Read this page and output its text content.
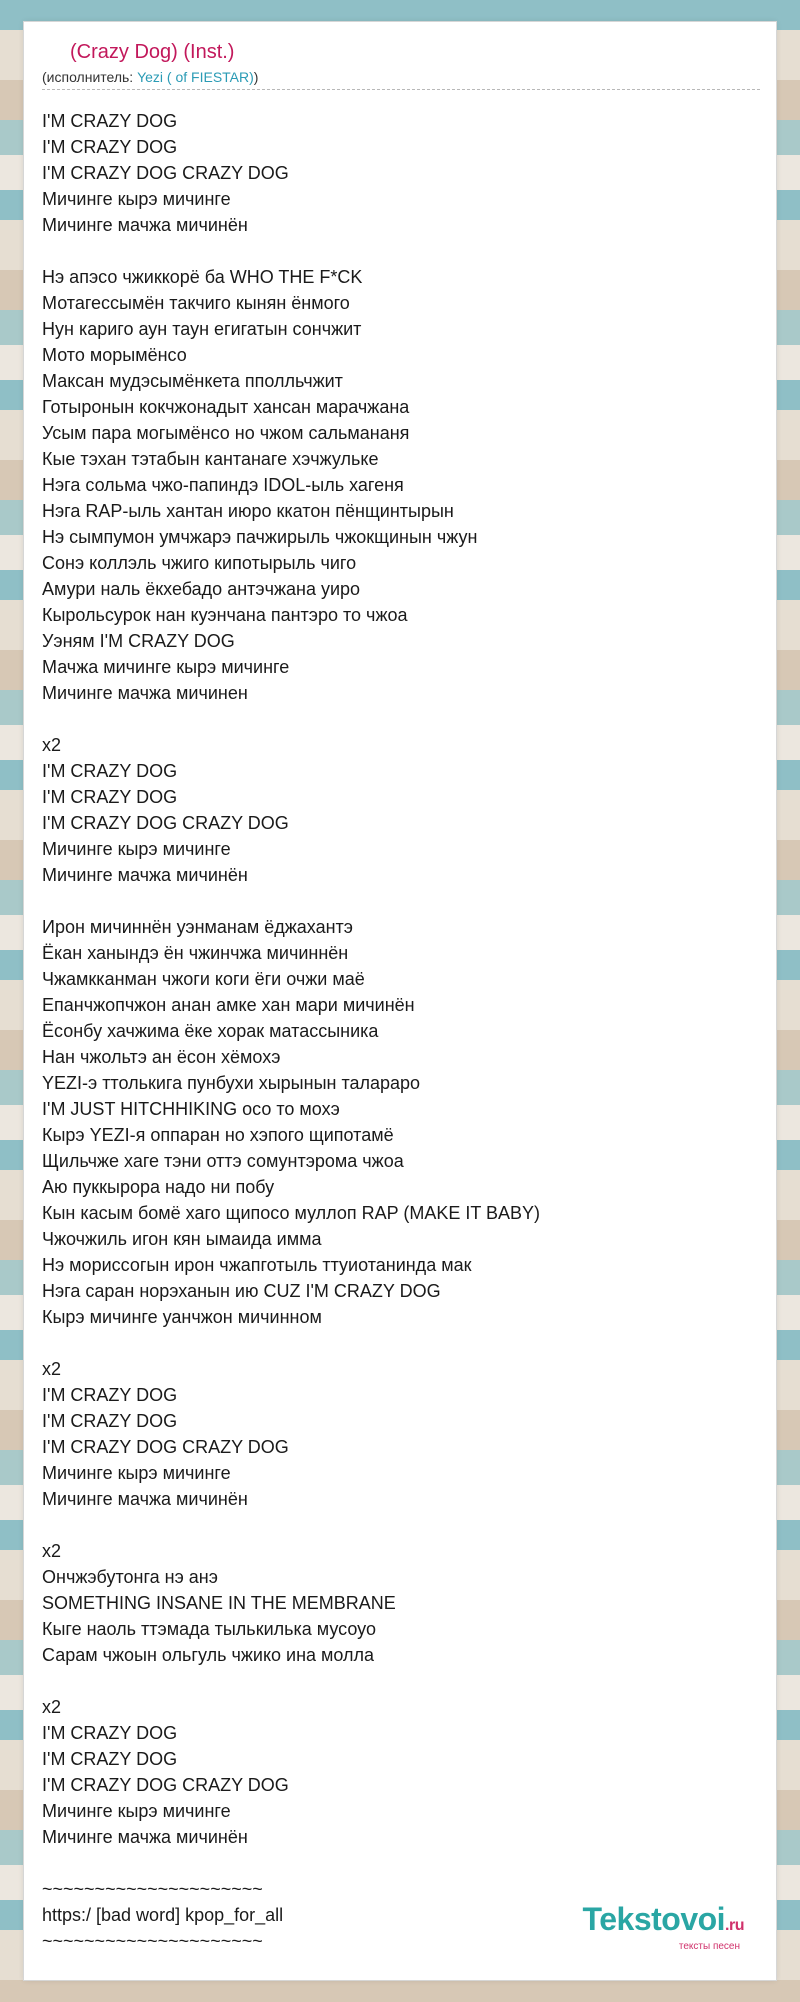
(Crazy Dog) (Inst.)
(исполнитель: Yezi ( of FIESTAR))
I'M CRAZY DOG
I'M CRAZY DOG
I'M CRAZY DOG CRAZY DOG
Мичинге кырэ мичинге
Мичинге мачжа мичинён
Нэ апэсо чжиккорё ба WHO THE F*CK
Мотагессымён такчиго кынян ёнмого
Нун кариго аун таун егигатын сончжит
Мото морымёнсо
Максан мудэсымёнкета пполльчжит
Готыронын кокчжонадыт хансан марачжана
Усым пара могымёнсо но чжом сальмананя
Кые тэхан тэтабын кантанаге хэчжульке
Нэга сольма чжо-папиндэ IDOL-ыль хагеня
Нэга RAP-ыль хантан июро ккатон пёнщинтырын
Нэ сымпумон умчжарэ пачжирыль чжокщинын чжун
Сонэ коллэль чжиго кипотырыль чиго
Амури наль ёкхебадо антэчжана уиро
Кырольсурок нан куэнчана пантэро то чжоа
Уэням I'M CRAZY DOG
Мачжа мичинге кырэ мичинге
Мичинге мачжа мичинен
x2
I'M CRAZY DOG
I'M CRAZY DOG
I'M CRAZY DOG CRAZY DOG
Мичинге кырэ мичинге
Мичинге мачжа мичинён
Ирон мичиннён уэнманам ёджахантэ
Ёкан ханындэ ён чжинчжа мичиннён
Чжамкканман чжоги коги ёги очжи маё
Епанчжопчжон анан амке хан мари мичинён
Ёсонбу хачжима ёке хорак матассыника
Нан чжольтэ ан ёсон хёмохэ
YEZI-э ттолькига пунбухи хырынын талараро
I'M JUST HITCHHIKING осо то мохэ
Кырэ YEZI-я оппаран но хэпого щипотамё
Щильчже хаге тэни оттэ сомунтэрома чжоа
Аю пуккырора надо ни побу
Кын касым бомё хаго щипосо муллоп RAP (MAKE IT BABY)
Чжочжиль игон кян ымаида имма
Нэ мориссогын ирон чжапготыль ттуиотанинда мак
Нэга саран норэханын ию CUZ I'M CRAZY DOG
Кырэ мичинге уанчжон мичинном
x2
I'M CRAZY DOG
I'M CRAZY DOG
I'M CRAZY DOG CRAZY DOG
Мичинге кырэ мичинге
Мичинге мачжа мичинён
x2
Ончжэбутонга нэ анэ
SOMETHING INSANE IN THE MEMBRANE
Кыге наоль ттэмада тылькилька мусоуо
Сарам чжоын ольгуль чжико ина молла
x2
I'M CRAZY DOG
I'M CRAZY DOG
I'M CRAZY DOG CRAZY DOG
Мичинге кырэ мичинге
Мичинге мачжа мичинён
~~~~~~~~~~~~~~~~~~~~~
https:/ [bad word] kpop_for_all
~~~~~~~~~~~~~~~~~~~~~
Tekstovoi.ru
тексты песен
